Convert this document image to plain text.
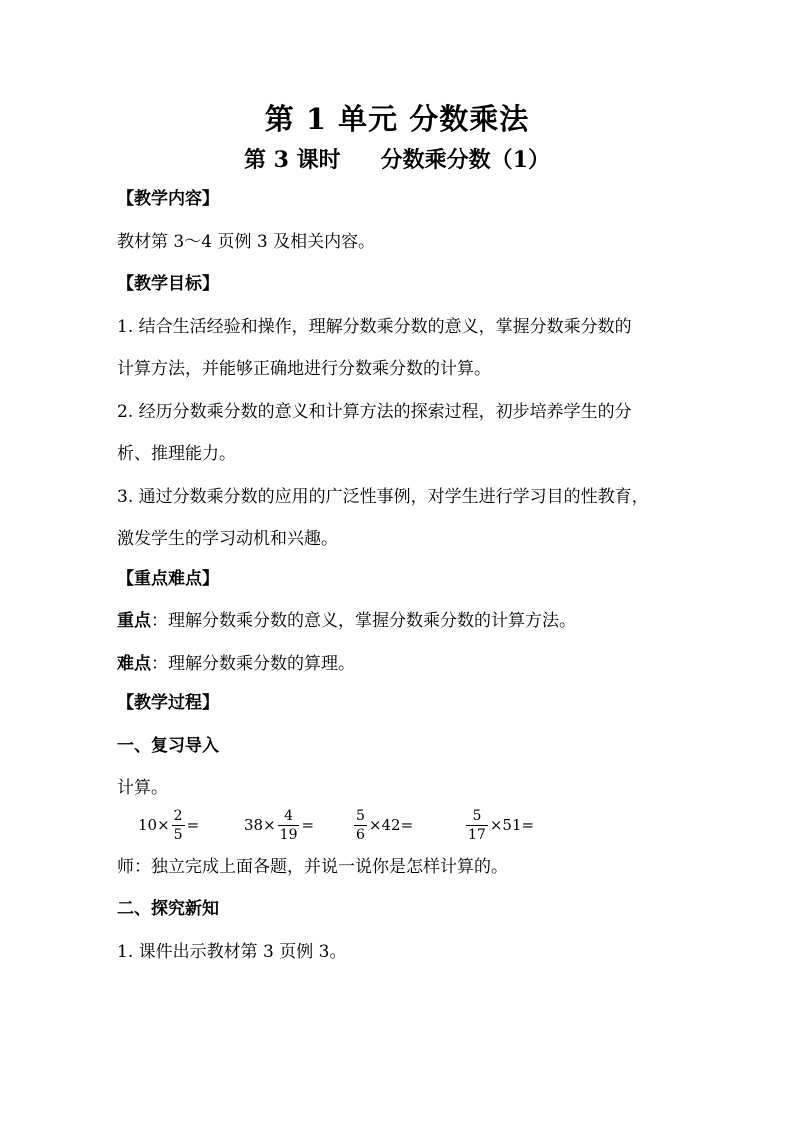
第 1 单元 分数乘法
第 3 课时 分数乘分数（1）
【教学内容】
教材第 3～4 页例 3 及相关内容。
【教学目标】
1. 结合生活经验和操作，理解分数乘分数的意义，掌握分数乘分数的
计算方法，并能够正确地进行分数乘分数的计算。
2. 经历分数乘分数的意义和计算方法的探索过程，初步培养学生的分
析、推理能力。
3. 通过分数乘分数的应用的广泛性事例，对学生进行学习目的性教育，
激发学生的学习动机和兴趣。
【重点难点】
重点：理解分数乘分数的意义，掌握分数乘分数的计算方法。
难点：理解分数乘分数的算理。
【教学过程】
一、复习导入
计算。
$10\times \frac{2}{5}$ =	$38\times \frac{4}{19}$ =	$\frac{5}{6} \times 42=$	$\frac{5}{17} \times 51=$
师：独立完成上面各题，并说一说你是怎样计算的。
二、探究新知
1. 课件出示教材第 3 页例 3。
